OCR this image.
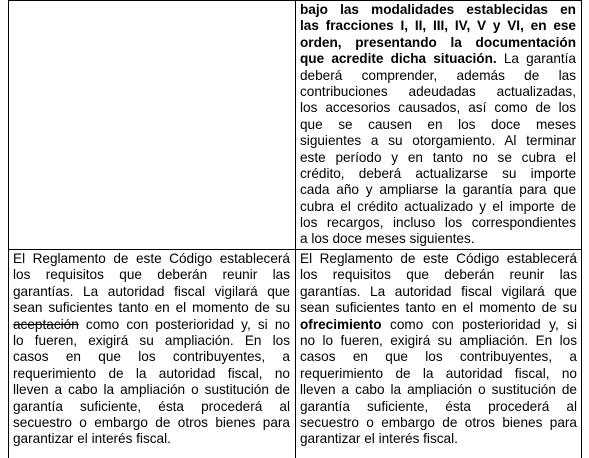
bajo las modalidades establecidas en
las fracciones I, II, III, IV, V y VI, en ese
orden, presentando la documentación
que acredite dicha situación. La garantía
deberá comprender, además de las
contribuciones adeudadas actualizadas,
los accesorios causados, así como de los
que se causen en los doce meses
siguientes a su otorgamiento. Al terminar
este período y en tanto no se cubra el
crédito, deberá actualizarse su importe
cada año y ampliarse la garantía para que
cubra el crédito actualizado y el importe de
los recargos, incluso los correspondientes
a los doce meses siguientes.
El Reglamento de este Código establecerá
los requisitos que deberán reunir las
garantías. La autoridad fiscal vigilará que
sean suficientes tanto en el momento de su
aceptación como con posterioridad y, si no
lo fueren, exigirá su ampliación. En los
casos en que los contribuyentes, a
requerimiento de la autoridad fiscal, no
lleven a cabo la ampliación o sustitución de
garantía suficiente, ésta procederá al
secuestro o embargo de otros bienes para
garantizar el interés fiscal.
El Reglamento de este Código establecerá
los requisitos que deberán reunir las
garantías. La autoridad fiscal vigilará que
sean suficientes tanto en el momento de su
ofrecimiento como con posterioridad y, si
no lo fueren, exigirá su ampliación. En los
casos en que los contribuyentes, a
requerimiento de la autoridad fiscal, no
lleven a cabo la ampliación o sustitución de
garantía suficiente, ésta procederá al
secuestro o embargo de otros bienes para
garantizar el interés fiscal.
